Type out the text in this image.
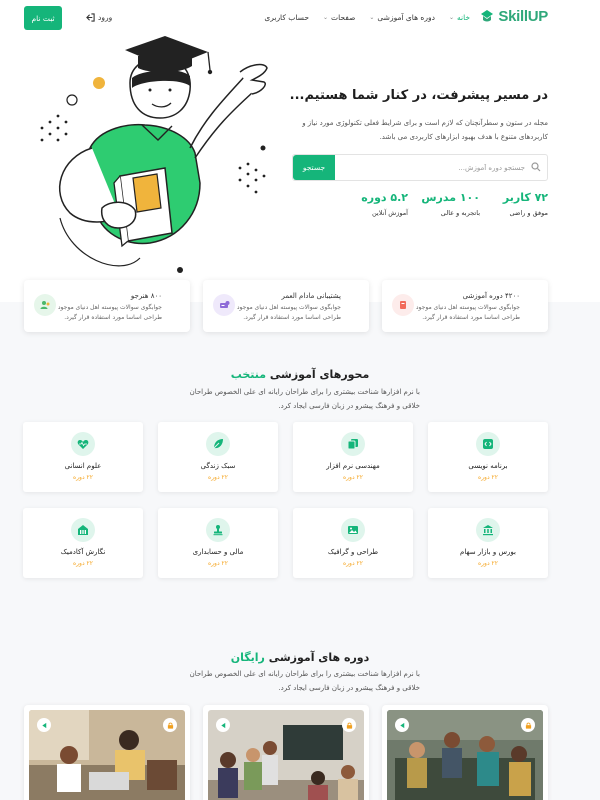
SkillUP
خانه
⌄
دوره های آموزشی
⌄
صفحات
⌄
حساب کاربری
ورود
ثبت نام
در مسیر پیشرفت، در کنار شما هستیم...
مجله در ستون و سطرآنچنان که لازم است و برای شرایط فعلی تکنولوژی مورد نیاز و کاربردهای متنوع با هدف بهبود ابزارهای کاربردی می باشد.
جستجو
جستجو دوره آموزش...
۷۲ کاربر
موفق و راضی
۱۰۰ مدرس
باتجربه و عالی
۵.۲ دوره
آموزش آنلاین
۴۲۰۰ دوره آموزشی
جوابگوی سوالات پیوسته اهل دنیای موجود طراحی اساسا مورد استفاده قرار گیرد.
پشتیبانی مادام العمر
جوابگوی سوالات پیوسته اهل دنیای موجود طراحی اساسا مورد استفاده قرار گیرد.
۸۰۰ هنرجو
جوابگوی سوالات پیوسته اهل دنیای موجود طراحی اساسا مورد استفاده قرار گیرد.
محورهای آموزشی منتخب
با نرم افزارها شناخت بیشتری را برای طراحان رایانه ای علی الخصوص طراحان خلاقی و فرهنگ پیشرو در زبان فارسی ایجاد کرد.
برنامه نویسی
۲۲ دوره
مهندسی نرم افزار
۲۲ دوره
سبک زندگی
۲۲ دوره
علوم انسانی
۲۲ دوره
بورس و بازار سهام
۲۲ دوره
طراحی و گرافیک
۲۲ دوره
مالی و حسابداری
۲۲ دوره
نگارش آکادمیک
۲۲ دوره
دوره های آموزشی رایگان
با نرم افزارها شناخت بیشتری را برای طراحان رایانه ای علی الخصوص طراحان خلاقی و فرهنگ پیشرو در زبان فارسی ایجاد کرد.
